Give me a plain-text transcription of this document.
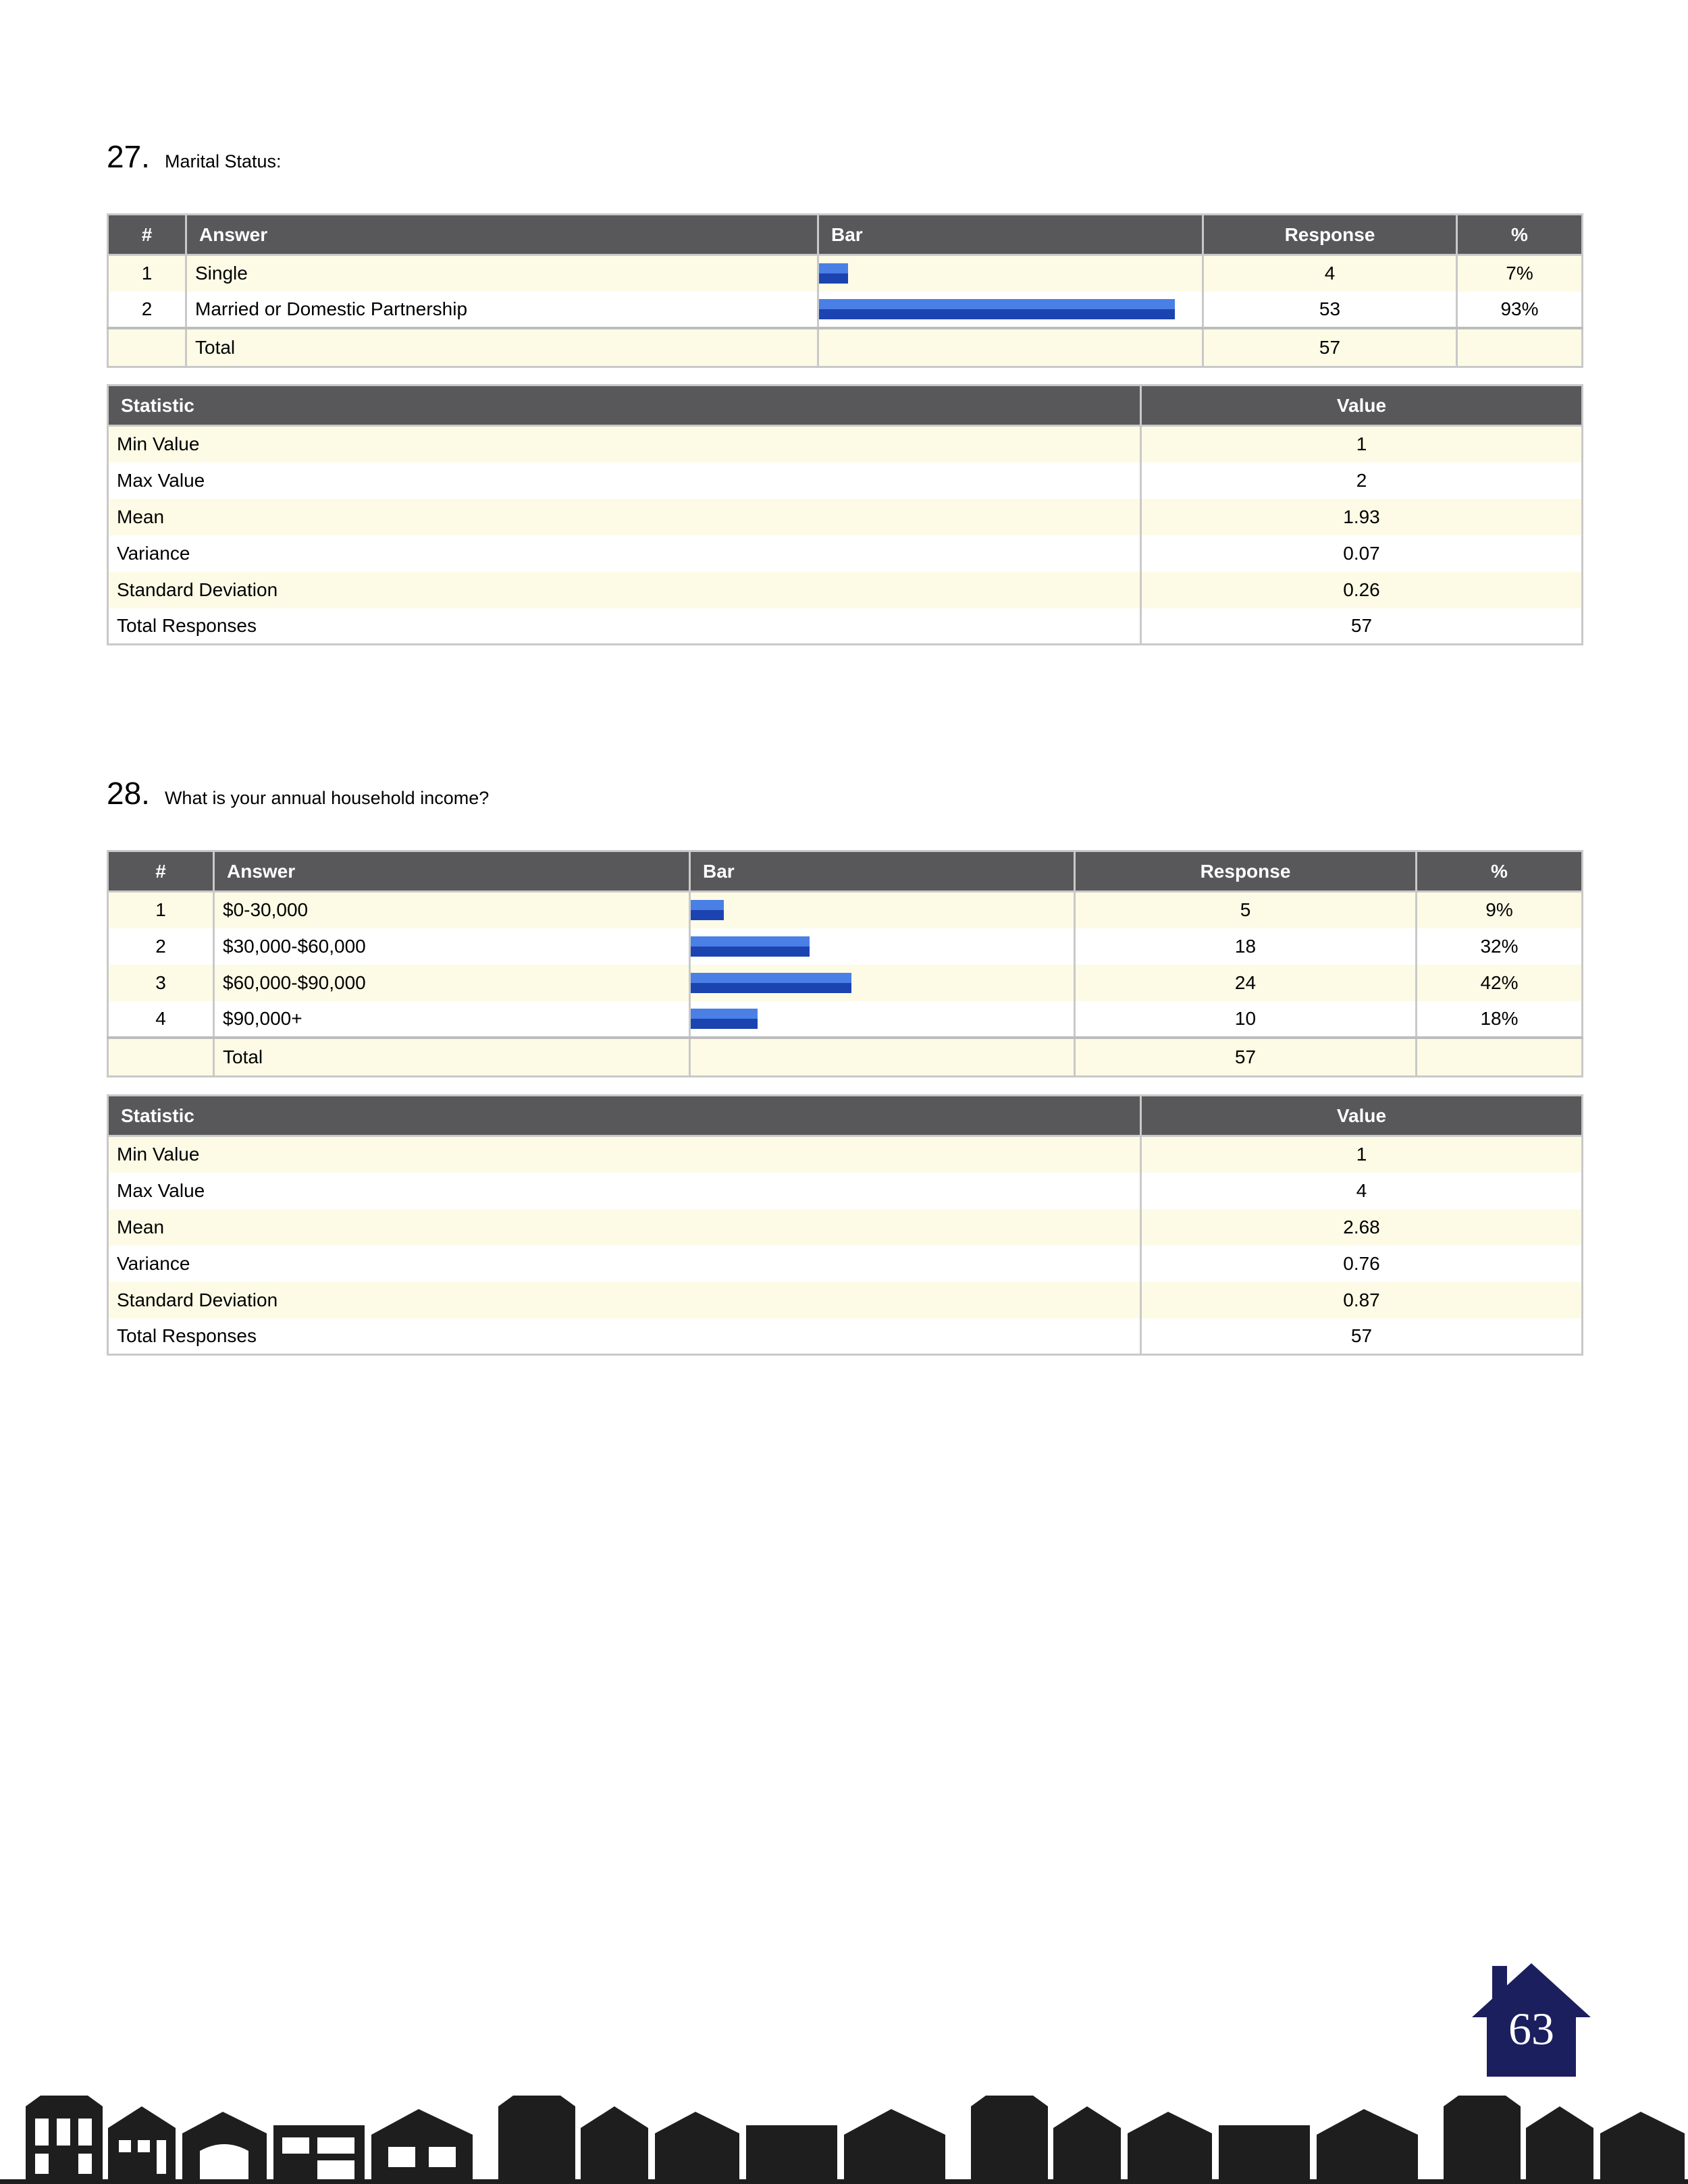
27. Marital Status:
#	Answer	Bar	Response	%
1	Single		4	7%
2	Married or Domestic Partnership		53	93%
	Total		57	
Statistic	Value
Min Value	1
Max Value	2
Mean	1.93
Variance	0.07
Standard Deviation	0.26
Total Responses	57
28. What is your annual household income?
#	Answer	Bar	Response	%
1	$0-30,000		5	9%
2	$30,000-$60,000		18	32%
3	$60,000-$90,000		24	42%
4	$90,000+		10	18%
	Total		57	
Statistic	Value
Min Value	1
Max Value	4
Mean	2.68
Variance	0.76
Standard Deviation	0.87
Total Responses	57
63
